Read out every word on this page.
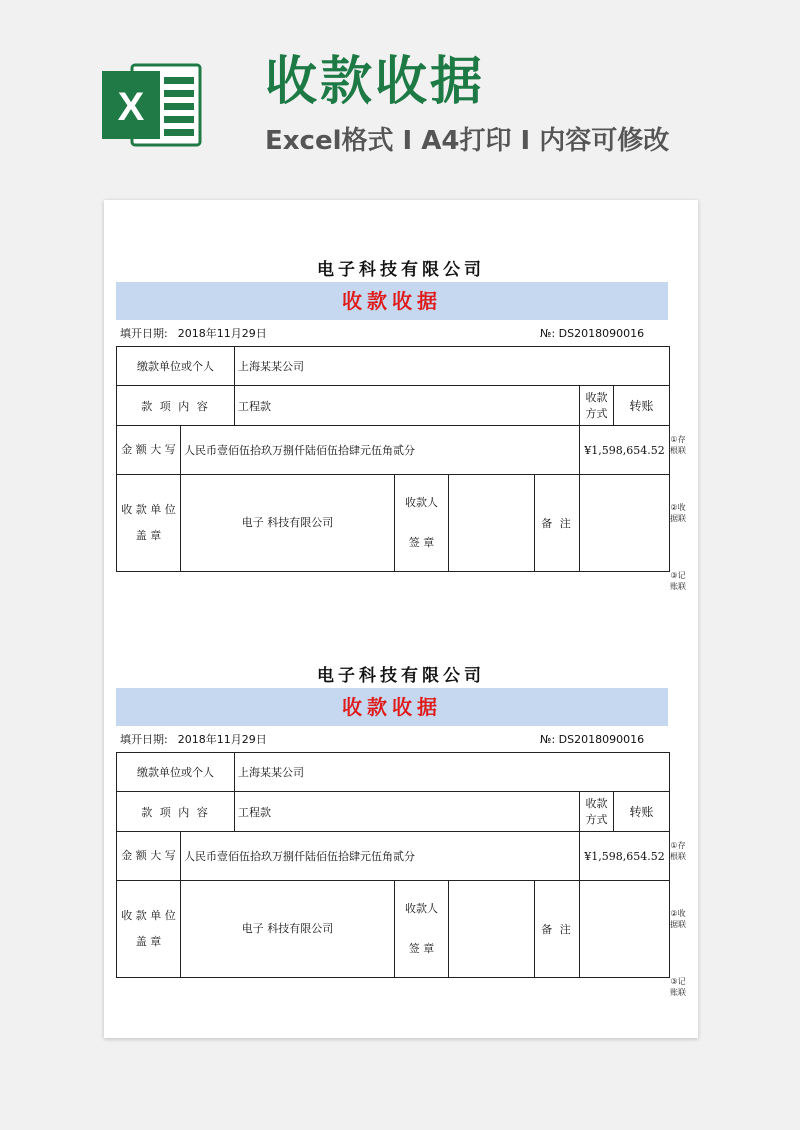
X 收款收据
Excel格式 I A4打印 I 内容可修改
电子科技有限公司
收款收据
填开日期: 2018年11月29日	№: DS2018090016
缴款单位或个人		上海某某公司					
款 项 内 容		工程款				收款方式	转账
金 额 大 写	人民币壹佰伍拾玖万捌仟陆佰伍拾肆元伍角贰分					¥1,598,654.52	
收 款 单 位 盖 章	电子 科技有限公司		收款人 签 章		备 注		
①存根联
②收据联
③记账联
电子科技有限公司
收款收据
填开日期: 2018年11月29日	№: DS2018090016
缴款单位或个人		上海某某公司					
款 项 内 容		工程款				收款方式	转账
金 额 大 写	人民币壹佰伍拾玖万捌仟陆佰伍拾肆元伍角贰分					¥1,598,654.52	
收 款 单 位 盖 章	电子 科技有限公司		收款人 签 章		备 注		
①存根联
②收据联
③记账联
